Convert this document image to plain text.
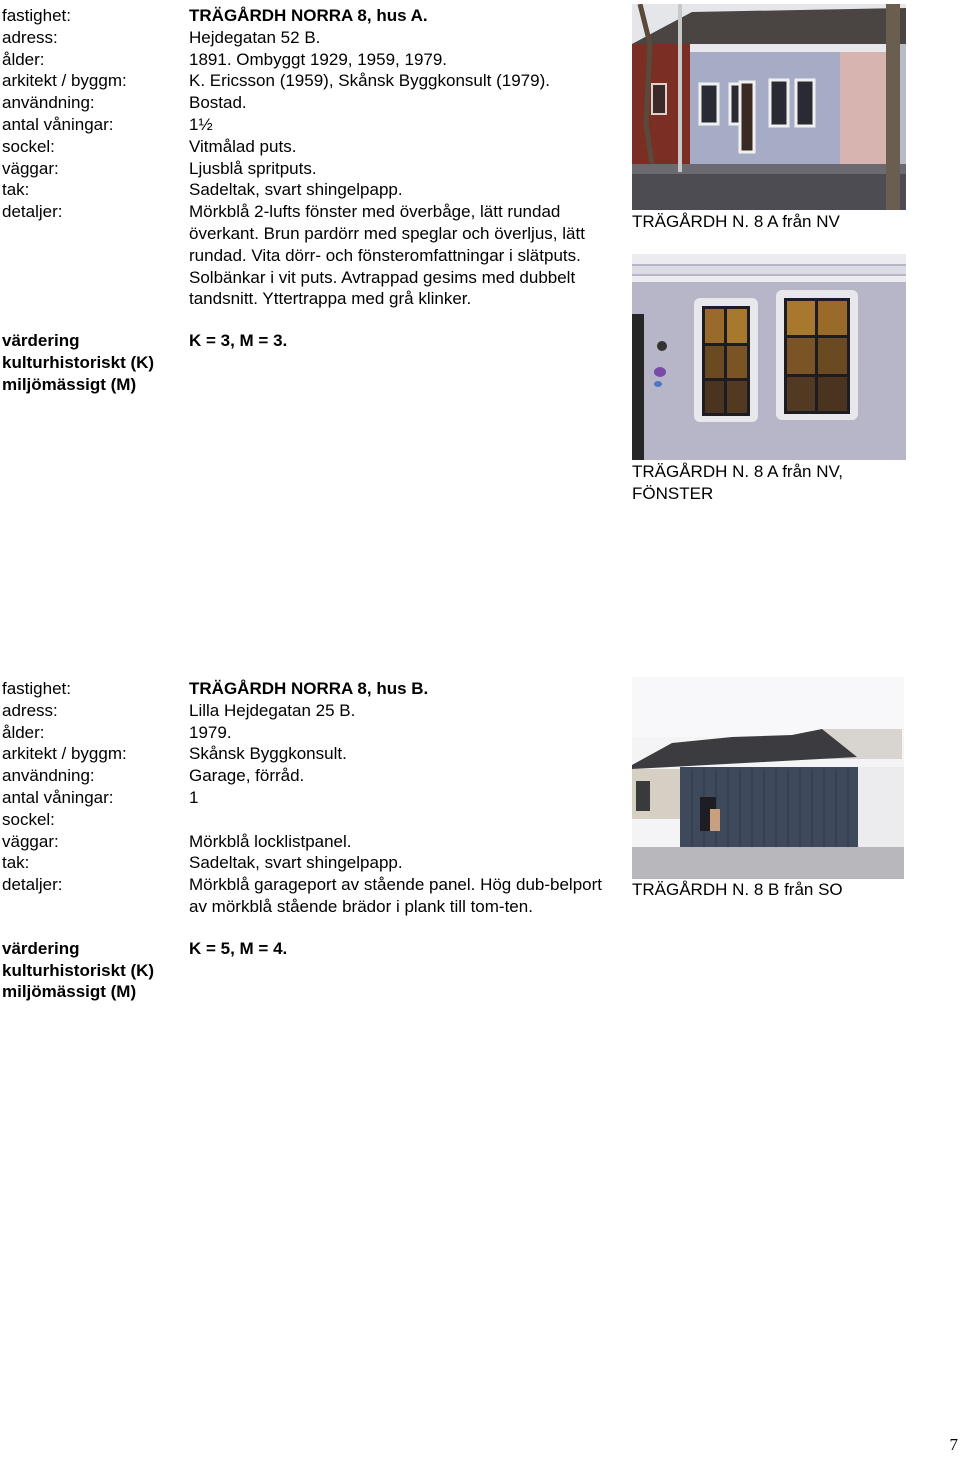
fastighet:	TRÄGÅRDH NORRA 8, hus A.
adress:	Hejdegatan 52 B.
ålder:	1891. Ombyggt 1929, 1959, 1979.
arkitekt / byggm:	K. Ericsson (1959), Skånsk Byggkonsult (1979).
användning:	Bostad.
antal våningar:	1½
sockel:	Vitmålad puts.
väggar:	Ljusblå spritputs.
tak:	Sadeltak, svart shingelpapp.
detaljer:	Mörkblå 2-lufts fönster med överbåge, lätt rundad överkant. Brun pardörr med speglar och överljus, lätt rundad. Vita dörr- och fönsteromfattningar i slätputs. Solbänkar i vit puts. Avtrappad gesims med dubbelt tandsnitt. Yttertrappa med grå klinker.
värdering
kulturhistoriskt (K)
miljömässigt (M)
K = 3, M = 3.
TRÄGÅRDH N. 8 A från NV
TRÄGÅRDH N. 8 A från NV, FÖNSTER
fastighet:	TRÄGÅRDH NORRA 8, hus B.
adress:	Lilla Hejdegatan 25 B.
ålder:	1979.
arkitekt / byggm:	Skånsk Byggkonsult.
användning:	Garage, förråd.
antal våningar:	1
sockel:
väggar:	Mörkblå locklistpanel.
tak:	Sadeltak, svart shingelpapp.
detaljer:	Mörkblå garageport av stående panel. Hög dub-belport av mörkblå stående brädor i plank till tom-ten.
värdering
kulturhistoriskt (K)
miljömässigt (M)
K = 5, M = 4.
TRÄGÅRDH N. 8 B från SO
7
